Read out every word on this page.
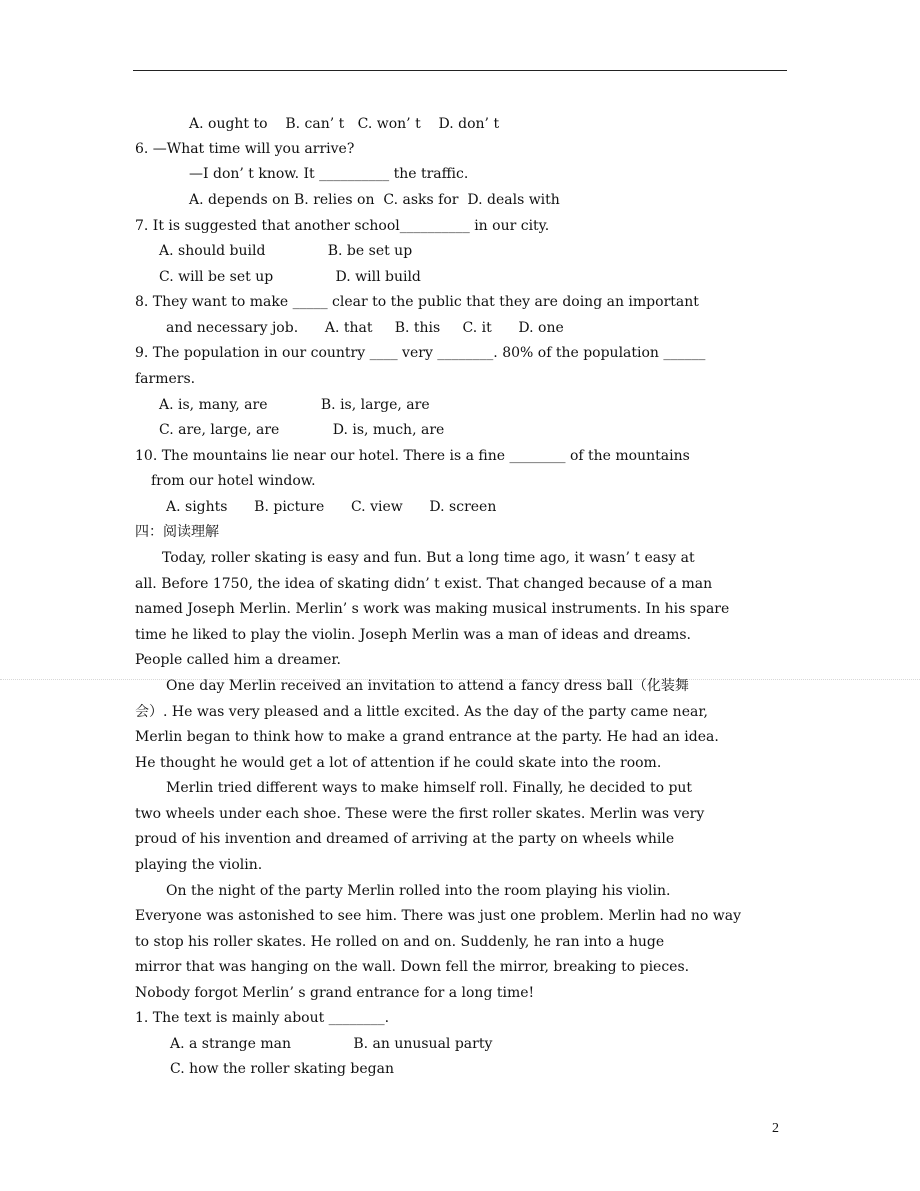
A. ought to    B. can’ t   C. won’ t    D. don’ t
6. —What time will you arrive?
—I don’ t know. It __________ the traffic.
A. depends on B. relies on  C. asks for  D. deals with
7. It is suggested that another school__________ in our city.
A. should build              B. be set up
C. will be set up              D. will build
8. They want to make _____ clear to the public that they are doing an important
and necessary job.      A. that     B. this     C. it      D. one
9. The population in our country ____ very ________. 80% of the population ______
farmers.
A. is, many, are            B. is, large, are
C. are, large, are            D. is, much, are
10. The mountains lie near our hotel. There is a fine ________ of the mountains
from our hotel window.
A. sights      B. picture      C. view      D. screen
四：阅读理解
Today, roller skating is easy and fun. But a long time ago, it wasn’ t easy at
all. Before 1750, the idea of skating didn’ t exist. That changed because of a man
named Joseph Merlin. Merlin’ s work was making musical instruments. In his spare
time he liked to play the violin. Joseph Merlin was a man of ideas and dreams.
People called him a dreamer.
One day Merlin received an invitation to attend a fancy dress ball（化装舞
会）. He was very pleased and a little excited. As the day of the party came near,
Merlin began to think how to make a grand entrance at the party. He had an idea.
He thought he would get a lot of attention if he could skate into the room.
Merlin tried different ways to make himself roll. Finally, he decided to put
two wheels under each shoe. These were the first roller skates. Merlin was very
proud of his invention and dreamed of arriving at the party on wheels while
playing the violin.
On the night of the party Merlin rolled into the room playing his violin.
Everyone was astonished to see him. There was just one problem. Merlin had no way
to stop his roller skates. He rolled on and on. Suddenly, he ran into a huge
mirror that was hanging on the wall. Down fell the mirror, breaking to pieces.
Nobody forgot Merlin’ s grand entrance for a long time!
1. The text is mainly about ________.
A. a strange man              B. an unusual party
C. how the roller skating began
2
